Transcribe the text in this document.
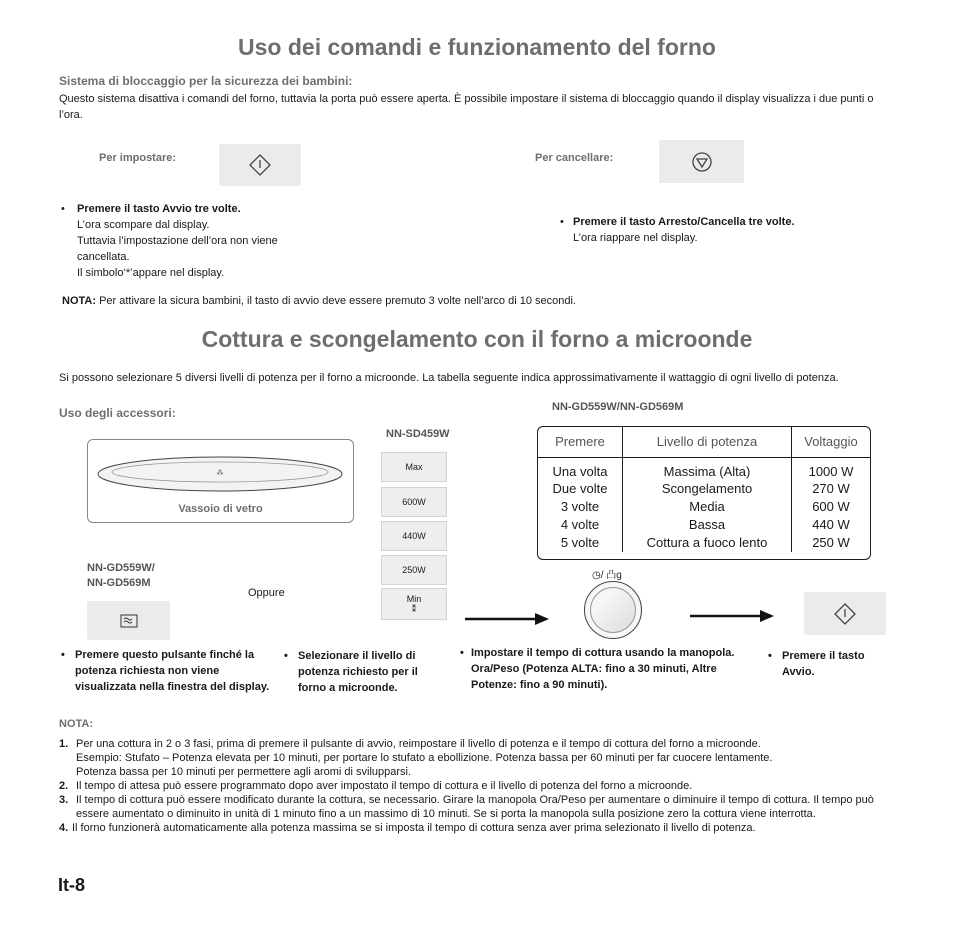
Uso dei comandi e funzionamento del forno
Sistema di bloccaggio per la sicurezza dei bambini:
Questo sistema disattiva i comandi del forno, tuttavia la porta può essere aperta. È possibile impostare il sistema di bloccaggio quando il display visualizza i due punti o l’ora.
Per impostare:	Per cancellare:
• Premere il tasto Avvio tre volte.
L’ora scompare dal display.
Tuttavia l’impostazione dell’ora non viene
cancellata.
Il simbolo‘*’appare nel display.
• Premere il tasto Arresto/Cancella tre volte.
L’ora riappare nel display.
NOTA: Per attivare la sicura bambini, il tasto di avvio deve essere premuto 3 volte nell’arco di 10 secondi.
Cottura e scongelamento con il forno a microonde
Si possono selezionare 5 diversi livelli di potenza per il forno a microonde. La tabella seguente indica approssimativamente il wattaggio di ogni livello di potenza.
Uso degli accessori:
⁂
Vassoio di vetro
NN-SD459W
NN-GD559W/NN-GD569M
Max
600W
440W
250W
Min
⁑
Premere	Livello di potenza	Voltaggio
Una volta	Massima (Alta)	1000 W
Due volte	Scongelamento	270 W
3 volte	Media	600 W
4 volte	Bassa	440 W
5 volte	Cottura a fuoco lento	250 W
NN-GD559W/
NN-GD569M
Oppure
◷/ 凸g
• Premere questo pulsante finché la potenza richiesta non viene visualizzata nella finestra del display.
• Selezionare il livello di potenza richiesto per il forno a microonde.
• Impostare il tempo di cottura usando la manopola. Ora/Peso (Potenza ALTA: fino a 30 minuti, Altre Potenze: fino a 90 minuti).
• Premere il tasto Avvio.
NOTA:
1. Per una cottura in 2 o 3 fasi, prima di premere il pulsante di avvio, reimpostare il livello di potenza e il tempo di cottura del forno a microonde.
Esempio: Stufato – Potenza elevata per 10 minuti, per portare lo stufato a ebollizione. Potenza bassa per 60 minuti per far cuocere lentamente.
Potenza bassa per 10 minuti per permettere agli aromi di svilupparsi.
2. Il tempo di attesa può essere programmato dopo aver impostato il tempo di cottura e il livello di potenza del forno a microonde.
3. Il tempo di cottura può essere modificato durante la cottura, se necessario. Girare la manopola Ora/Peso per aumentare o diminuire il tempo di cottura. Il tempo può essere aumentato o diminuito in unità di 1 minuto fino a un massimo di 10 minuti. Se si porta la manopola sulla posizione zero la cottura viene interrotta.
4. Il forno funzionerà automaticamente alla potenza massima se si imposta il tempo di cottura senza aver prima selezionato il livello di potenza.
It-8
